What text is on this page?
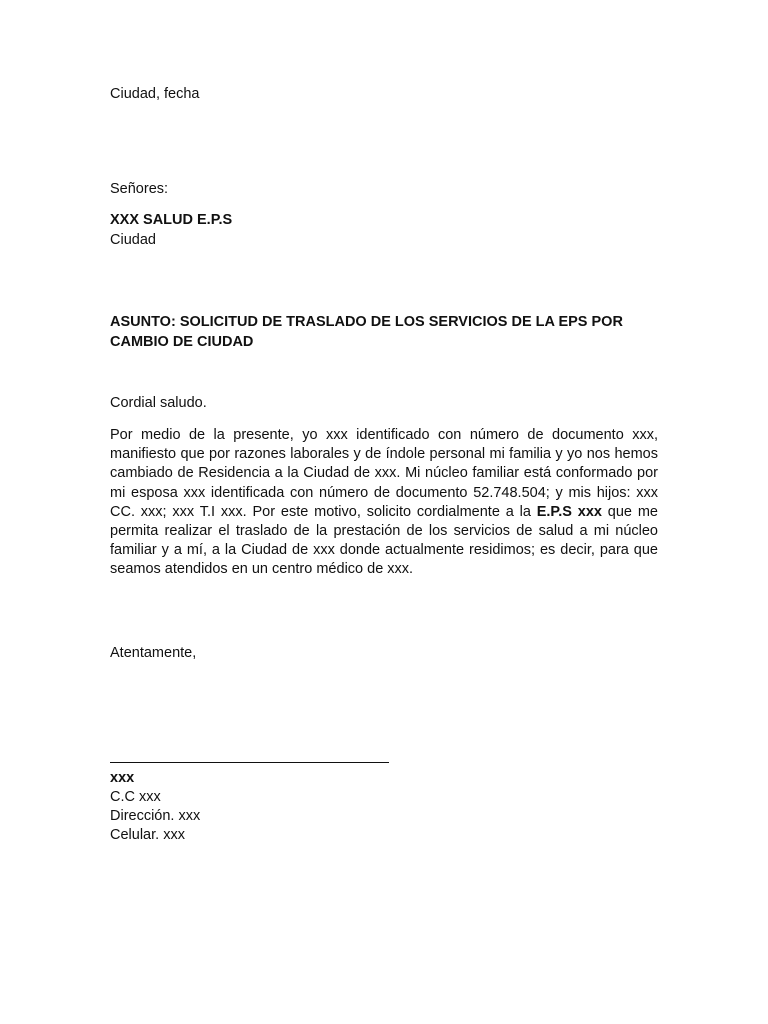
Ciudad, fecha
Señores:
XXX SALUD E.P.S
Ciudad
ASUNTO: SOLICITUD DE TRASLADO DE LOS SERVICIOS DE LA EPS POR CAMBIO DE CIUDAD
Cordial saludo.
Por medio de la presente, yo xxx identificado con número de documento xxx, manifiesto que por razones laborales y de índole personal mi familia y yo nos hemos cambiado de Residencia a la Ciudad de xxx. Mi núcleo familiar está conformado por mi esposa xxx identificada con número de documento 52.748.504; y mis hijos: xxx CC. xxx; xxx T.I xxx. Por este motivo, solicito cordialmente a la E.P.S xxx que me permita realizar el traslado de la prestación de los servicios de salud a mi núcleo familiar y a mí, a la Ciudad de xxx donde actualmente residimos; es decir, para que seamos atendidos en un centro médico de xxx.
Atentamente,
xxx
C.C xxx
Dirección. xxx
Celular. xxx
